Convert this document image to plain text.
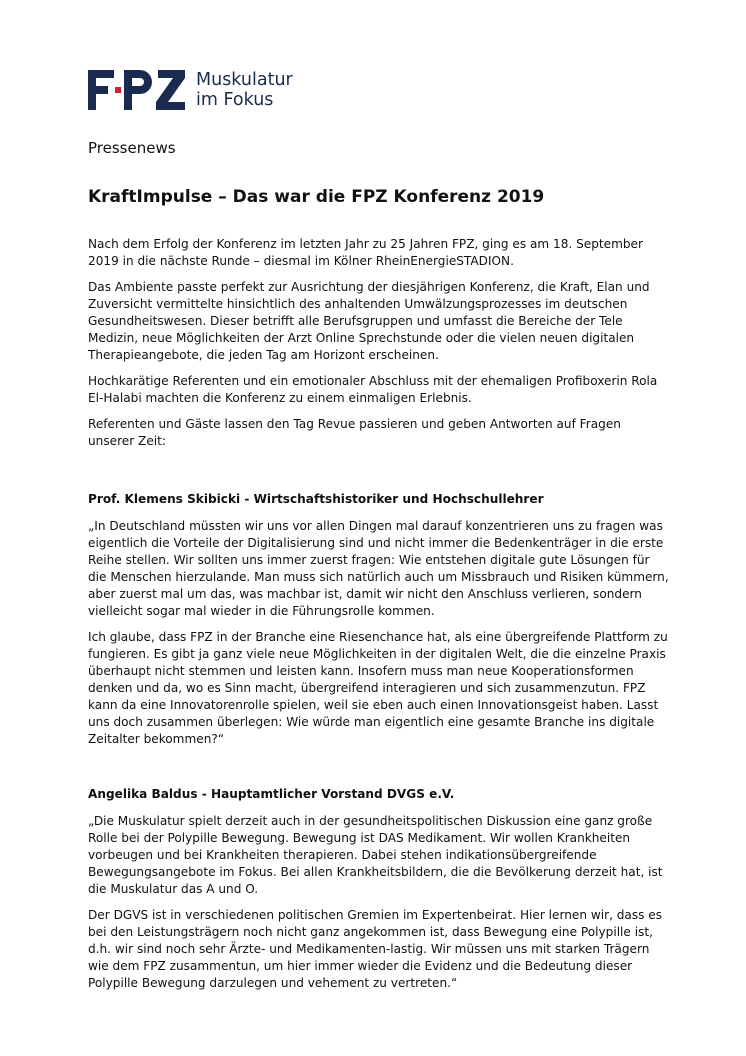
Muskulatur
im Fokus
Pressenews
KraftImpulse – Das war die FPZ Konferenz 2019

Nach dem Erfolg der Konferenz im letzten Jahr zu 25 Jahren FPZ, ging es am 18. September 2019 in die nächste Runde – diesmal im Kölner RheinEnergieSTADION.

Das Ambiente passte perfekt zur Ausrichtung der diesjährigen Konferenz, die Kraft, Elan und Zuversicht vermittelte hinsichtlich des anhaltenden Umwälzungsprozesses im deutschen Gesundheitswesen. Dieser betrifft alle Berufsgruppen und umfasst die Bereiche der Tele Medizin, neue Möglichkeiten der Arzt Online Sprechstunde oder die vielen neuen digitalen Therapieangebote, die jeden Tag am Horizont erscheinen.

Hochkarätige Referenten und ein emotionaler Abschluss mit der ehemaligen Profiboxerin Rola El-Halabi machten die Konferenz zu einem einmaligen Erlebnis.

Referenten und Gäste lassen den Tag Revue passieren und geben Antworten auf Fragen unserer Zeit:

Prof. Klemens Skibicki - Wirtschaftshistoriker und Hochschullehrer

„In Deutschland müssten wir uns vor allen Dingen mal darauf konzentrieren uns zu fragen was eigentlich die Vorteile der Digitalisierung sind und nicht immer die Bedenkenträger in die erste Reihe stellen. Wir sollten uns immer zuerst fragen: Wie entstehen digitale gute Lösungen für die Menschen hierzulande. Man muss sich natürlich auch um Missbrauch und Risiken kümmern, aber zuerst mal um das, was machbar ist, damit wir nicht den Anschluss verlieren, sondern vielleicht sogar mal wieder in die Führungsrolle kommen.

Ich glaube, dass FPZ in der Branche eine Riesenchance hat, als eine übergreifende Plattform zu fungieren. Es gibt ja ganz viele neue Möglichkeiten in der digitalen Welt, die die einzelne Praxis überhaupt nicht stemmen und leisten kann. Insofern muss man neue Kooperationsformen denken und da, wo es Sinn macht, übergreifend interagieren und sich zusammenzutun. FPZ kann da eine Innovatorenrolle spielen, weil sie eben auch einen Innovationsgeist haben. Lasst uns doch zusammen überlegen: Wie würde man eigentlich eine gesamte Branche ins digitale Zeitalter bekommen?“

Angelika Baldus - Hauptamtlicher Vorstand DVGS e.V.

„Die Muskulatur spielt derzeit auch in der gesundheitspolitischen Diskussion eine ganz große Rolle bei der Polypille Bewegung. Bewegung ist DAS Medikament. Wir wollen Krankheiten vorbeugen und bei Krankheiten therapieren. Dabei stehen indikationsübergreifende Bewegungsangebote im Fokus. Bei allen Krankheitsbildern, die die Bevölkerung derzeit hat, ist die Muskulatur das A und O.

Der DGVS ist in verschiedenen politischen Gremien im Expertenbeirat. Hier lernen wir, dass es bei den Leistungsträgern noch nicht ganz angekommen ist, dass Bewegung eine Polypille ist, d.h. wir sind noch sehr Ärzte- und Medikamenten-lastig. Wir müssen uns mit starken Trägern wie dem FPZ zusammentun, um hier immer wieder die Evidenz und die Bedeutung dieser Polypille Bewegung darzulegen und vehement zu vertreten.“
